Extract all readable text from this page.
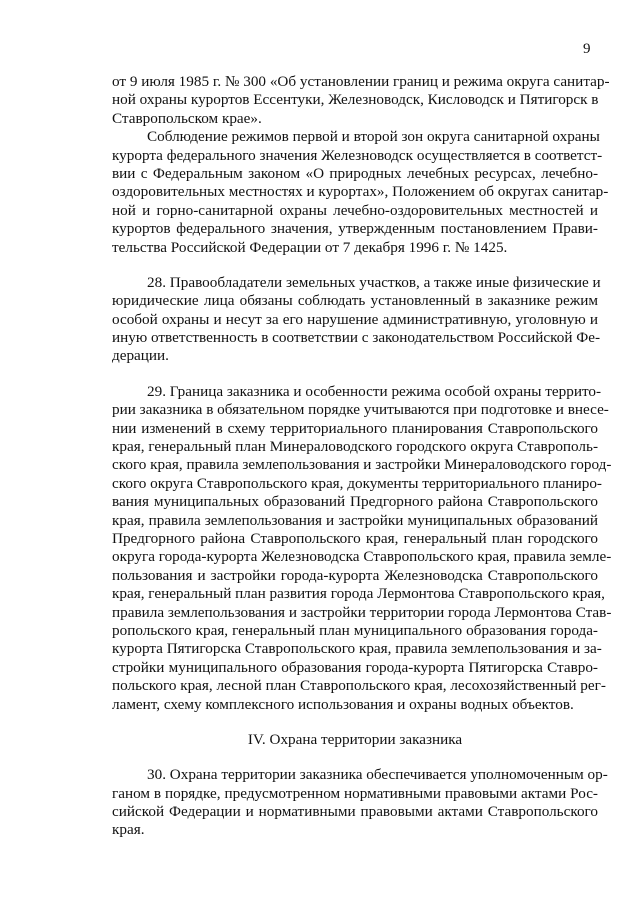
9
от 9 июля 1985 г. № 300 «Об установлении границ и режима округа санитар-
ной охраны курортов Ессентуки, Железноводск, Кисловодск и Пятигорск в
Ставропольском крае».
Соблюдение режимов первой и второй зон округа санитарной охраны
курорта федерального значения Железноводск осуществляется в соответст-
вии с Федеральным законом «О природных лечебных ресурсах, лечебно-
оздоровительных местностях и курортах», Положением об округах санитар-
ной и горно-санитарной охраны лечебно-оздоровительных местностей и
курортов федерального значения, утвержденным постановлением Прави-
тельства Российской Федерации от 7 декабря 1996 г. № 1425.
28. Правообладатели земельных участков, а также иные физические и
юридические лица обязаны соблюдать установленный в заказнике режим
особой охраны и несут за его нарушение административную, уголовную и
иную ответственность в соответствии с законодательством Российской Фе-
дерации.
29. Граница заказника и особенности режима особой охраны террито-
рии заказника в обязательном порядке учитываются при подготовке и внесе-
нии изменений в схему территориального планирования Ставропольского
края, генеральный план Минераловодского городского округа Ставрополь-
ского края, правила землепользования и застройки Минераловодского город-
ского округа Ставропольского края, документы территориального планиро-
вания муниципальных образований Предгорного района Ставропольского
края, правила землепользования и застройки муниципальных образований
Предгорного района Ставропольского края, генеральный план городского
округа города-курорта Железноводска Ставропольского края, правила земле-
пользования и застройки города-курорта Железноводска Ставропольского
края, генеральный план развития города Лермонтова Ставропольского края,
правила землепользования и застройки территории города Лермонтова Став-
ропольского края, генеральный план муниципального образования города-
курорта Пятигорска Ставропольского края, правила землепользования и за-
стройки муниципального образования города-курорта Пятигорска Ставро-
польского края, лесной план Ставропольского края, лесохозяйственный рег-
ламент, схему комплексного использования и охраны водных объектов.
IV. Охрана территории заказника
30. Охрана территории заказника обеспечивается уполномоченным ор-
ганом в порядке, предусмотренном нормативными правовыми актами Рос-
сийской Федерации и нормативными правовыми актами Ставропольского
края.
